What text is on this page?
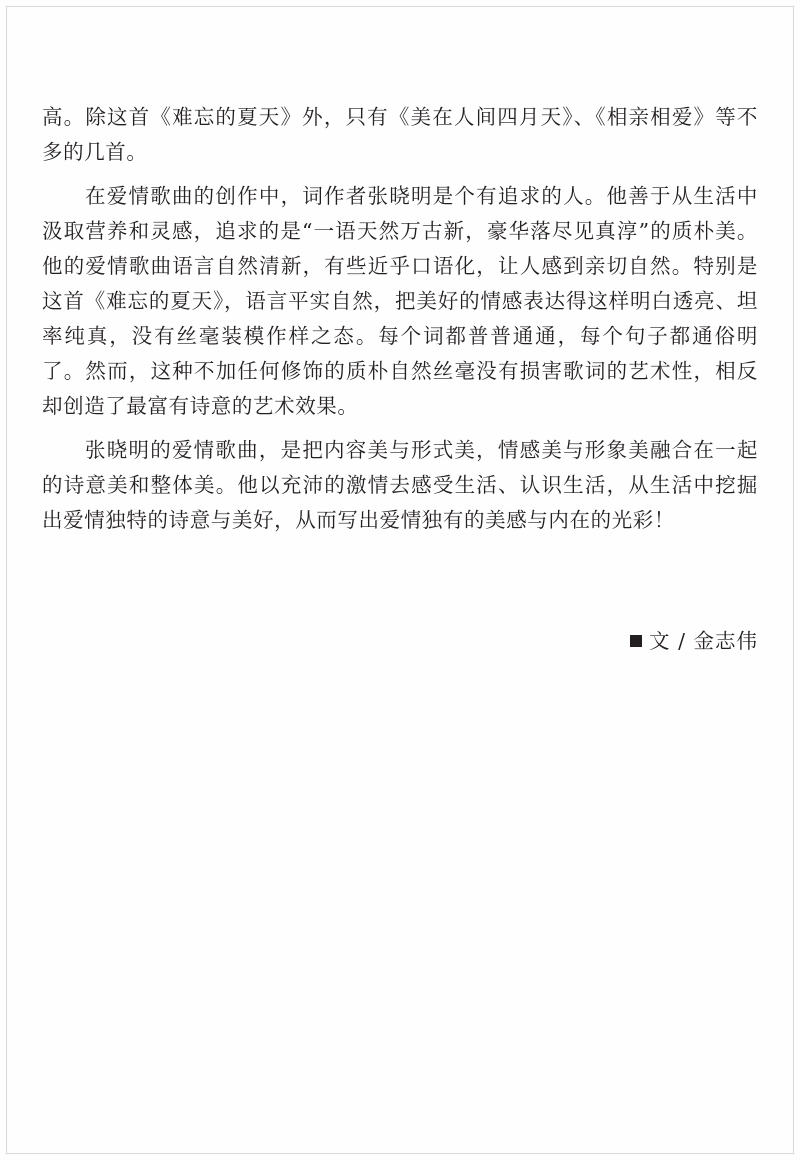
高。除这首《难忘的夏天》外，只有《美在人间四月天》、《相亲相爱》等不多的几首。

在爱情歌曲的创作中，词作者张晓明是个有追求的人。他善于从生活中汲取营养和灵感，追求的是“一语天然万古新，豪华落尽见真淳”的质朴美。他的爱情歌曲语言自然清新，有些近乎口语化，让人感到亲切自然。特别是这首《难忘的夏天》，语言平实自然，把美好的情感表达得这样明白透亮、坦率纯真，没有丝毫装模作样之态。每个词都普普通通，每个句子都通俗明了。然而，这种不加任何修饰的质朴自然丝毫没有损害歌词的艺术性，相反却创造了最富有诗意的艺术效果。

张晓明的爱情歌曲，是把内容美与形式美，情感美与形象美融合在一起的诗意美和整体美。他以充沛的激情去感受生活、认识生活，从生活中挖掘出爱情独特的诗意与美好，从而写出爱情独有的美感与内在的光彩！

文 / 金志伟
